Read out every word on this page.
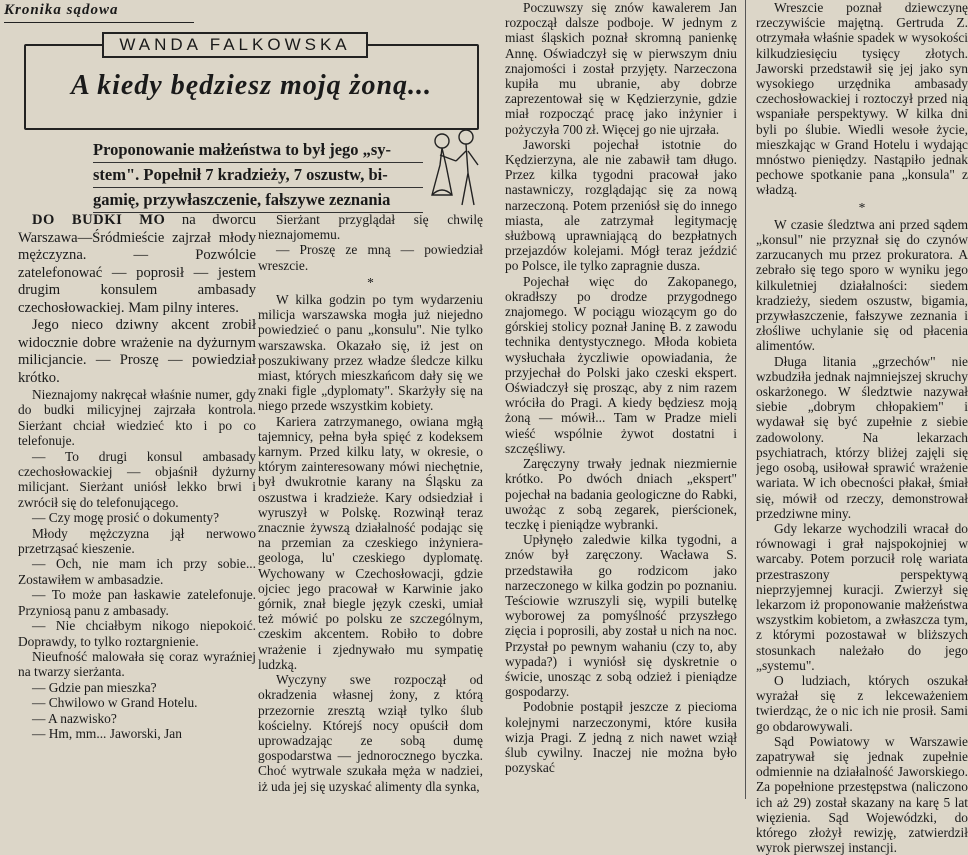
Kronika sądowa
A kiedy będziesz moją żoną...
WANDA FALKOWSKA
Proponowanie małżeństwa to był jego „sy-
stem". Popełnił 7 kradzieży, 7 oszustw, bi-
gamię, przywłaszczenie, fałszywe zeznania

DO BUDKI MO na dworcu Warszawa—Śródmieście zajrzał młody mężczyzna. — Pozwólcie zatelefonować — poprosił — jestem drugim konsulem ambasady czechosłowackiej. Mam pilny interes.

Jego nieco dziwny akcent zrobił widocznie dobre wrażenie na dyżurnym milicjancie. — Proszę — powiedział krótko.

Nieznajomy nakręcał właśnie numer, gdy do budki milicyjnej zajrzała kontrola. Sierżant chciał wiedzieć kto i po co telefonuje.

— To drugi konsul ambasady czechosłowackiej — objaśnił dyżurny milicjant. Sierżant uniósł lekko brwi i zwrócił się do telefonującego.

— Czy mogę prosić o dokumenty?

Młody mężczyzna jął nerwowo przetrząsać kieszenie.

— Och, nie mam ich przy sobie... Zostawiłem w ambasadzie.

— To może pan łaskawie zatelefonuje. Przyniosą panu z ambasady.

— Nie chciałbym nikogo niepokoić. Doprawdy, to tylko roztargnienie.

Nieufność malowała się coraz wyraźniej na twarzy sierżanta.

— Gdzie pan mieszka?

— Chwilowo w Grand Hotelu.

— A nazwisko?

— Hm, mm... Jaworski, Jan

Sierżant przyglądał się chwilę nieznajomemu.

— Proszę ze mną — powiedział wreszcie.

*

W kilka godzin po tym wydarzeniu milicja warszawska mogła już niejedno powiedzieć o panu „konsulu". Nie tylko warszawska. Okazało się, iż jest on poszukiwany przez władze śledcze kilku miast, których mieszkańcom dały się we znaki figle „dyplomaty". Skarżyły się na niego przede wszystkim kobiety.

Kariera zatrzymanego, owiana mgłą tajemnicy, pełna była spięć z kodeksem karnym. Przed kilku laty, w okresie, o którym zainteresowany mówi niechętnie, był dwukrotnie karany na Śląsku za oszustwa i kradzieże. Kary odsiedział i wyruszył w Polskę. Rozwinął teraz znacznie żywszą działalność podając się na przemian za czeskiego inżyniera-geologa, lu' czeskiego dyplomatę. Wychowany w Czechosłowacji, gdzie ojciec jego pracował w Karwinie jako górnik, znał biegle język czeski, umiał też mówić po polsku ze szczególnym, czeskim akcentem. Robiło to dobre wrażenie i zjednywało mu sympatię ludzką.

Wyczyny swe rozpoczął od okradzenia własnej żony, z którą przezornie zresztą wziął tylko ślub kościelny. Którejś nocy opuścił dom uprowadzając ze sobą dumę gospodarstwa — jednorocznego byczka. Choć wytrwale szukała męża w nadziei, iż uda jej się uzyskać alimenty dla synka,

Poczuwszy się znów kawalerem Jan rozpoczął dalsze podboje. W jednym z miast śląskich poznał skromną panienkę Annę. Oświadczył się w pierwszym dniu znajomości i został przyjęty. Narzeczona kupiła mu ubranie, aby dobrze zaprezentował się w Kędzierzynie, gdzie miał rozpocząć pracę jako inżynier i pożyczyła 700 zł. Więcej go nie ujrzała.

Jaworski pojechał istotnie do Kędzierzyna, ale nie zabawił tam długo. Przez kilka tygodni pracował jako nastawniczy, rozglądając się za nową narzeczoną. Potem przeniósł się do innego miasta, ale zatrzymał legitymację służbową uprawniającą do bezpłatnych przejazdów kolejami. Mógł teraz jeździć po Polsce, ile tylko zapragnie dusza.

Pojechał więc do Zakopanego, okradłszy po drodze przygodnego znajomego. W pociągu wiozącym go do górskiej stolicy poznał Janinę B. z zawodu technika dentystycznego. Młoda kobieta wysłuchała życzliwie opowiadania, że przyjechał do Polski jako czeski ekspert. Oświadczył się prosząc, aby z nim razem wróciła do Pragi. A kiedy będziesz moją żoną — mówił... Tam w Pradze mieli wieść wspólnie żywot dostatni i szczęśliwy.

Zaręczyny trwały jednak niezmiernie krótko. Po dwóch dniach „ekspert" pojechał na badania geologiczne do Rabki, uwożąc z sobą zegarek, pierścionek, teczkę i pieniądze wybranki.

Upłynęło zaledwie kilka tygodni, a znów był zaręczony. Wacława S. przedstawiła go rodzicom jako narzeczonego w kilka godzin po poznaniu. Teściowie wzruszyli się, wypili butelkę wyborowej za pomyślność przyszłego zięcia i poprosili, aby został u nich na noc. Przystał po pewnym wahaniu (czy to, aby wypada?) i wyniósł się dyskretnie o świcie, unosząc z sobą odzież i pieniądze gospodarzy.

Podobnie postąpił jeszcze z piecioma kolejnymi narzeczonymi, które kusiła wizja Pragi. Z jedną z nich nawet wziął ślub cywilny. Inaczej nie można było pozyskać

Wreszcie poznał dziewczynę rzeczywiście majętną. Gertruda Z. otrzymała właśnie spadek w wysokości kilkudziesięciu tysięcy złotych. Jaworski przedstawił się jej jako syn wysokiego urzędnika ambasady czechosłowackiej i roztoczył przed nią wspaniałe perspektywy. W kilka dni byli po ślubie. Wiedli wesołe życie, mieszkając w Grand Hotelu i wydając mnóstwo pieniędzy. Nastąpiło jednak pechowe spotkanie pana „konsula" z władzą.

*

W czasie śledztwa ani przed sądem „konsul" nie przyznał się do czynów zarzucanych mu przez prokuratora. A zebrało się tego sporo w wyniku jego kilkuletniej działalności: siedem kradzieży, siedem oszustw, bigamia, przywłaszczenie, fałszywe zeznania i złośliwe uchylanie się od płacenia alimentów.

Długa litania „grzechów" nie wzbudziła jednak najmniejszej skruchy oskarżonego. W śledztwie nazywał siebie „dobrym chłopakiem" i wydawał się być zupełnie z siebie zadowolony. Na lekarzach psychiatrach, którzy bliżej zajęli się jego osobą, usiłował sprawić wrażenie wariata. W ich obecności płakał, śmiał się, mówił od rzeczy, demonstrował przedziwne miny.

Gdy lekarze wychodzili wracał do równowagi i grał najspokojniej w warcaby. Potem porzucił rolę wariata przestraszony perspektywą nieprzyjemnej kuracji. Zwierzył się lekarzom iż proponowanie małżeństwa wszystkim kobietom, a zwłaszcza tym, z którymi pozostawał w bliższych stosunkach należało do jego „systemu".

O ludziach, których oszukał wyrażał się z lekceważeniem twierdząc, że o nic ich nie prosił. Sami go obdarowywali.

Sąd Powiatowy w Warszawie zapatrywał się jednak zupełnie odmiennie na działalność Jaworskiego. Za popełnione przestępstwa (naliczono ich aż 29) został skazany na karę 5 lat więzienia. Sąd Wojewódzki, do którego złożył rewizję, zatwierdził wyrok pierwszej instancji.
